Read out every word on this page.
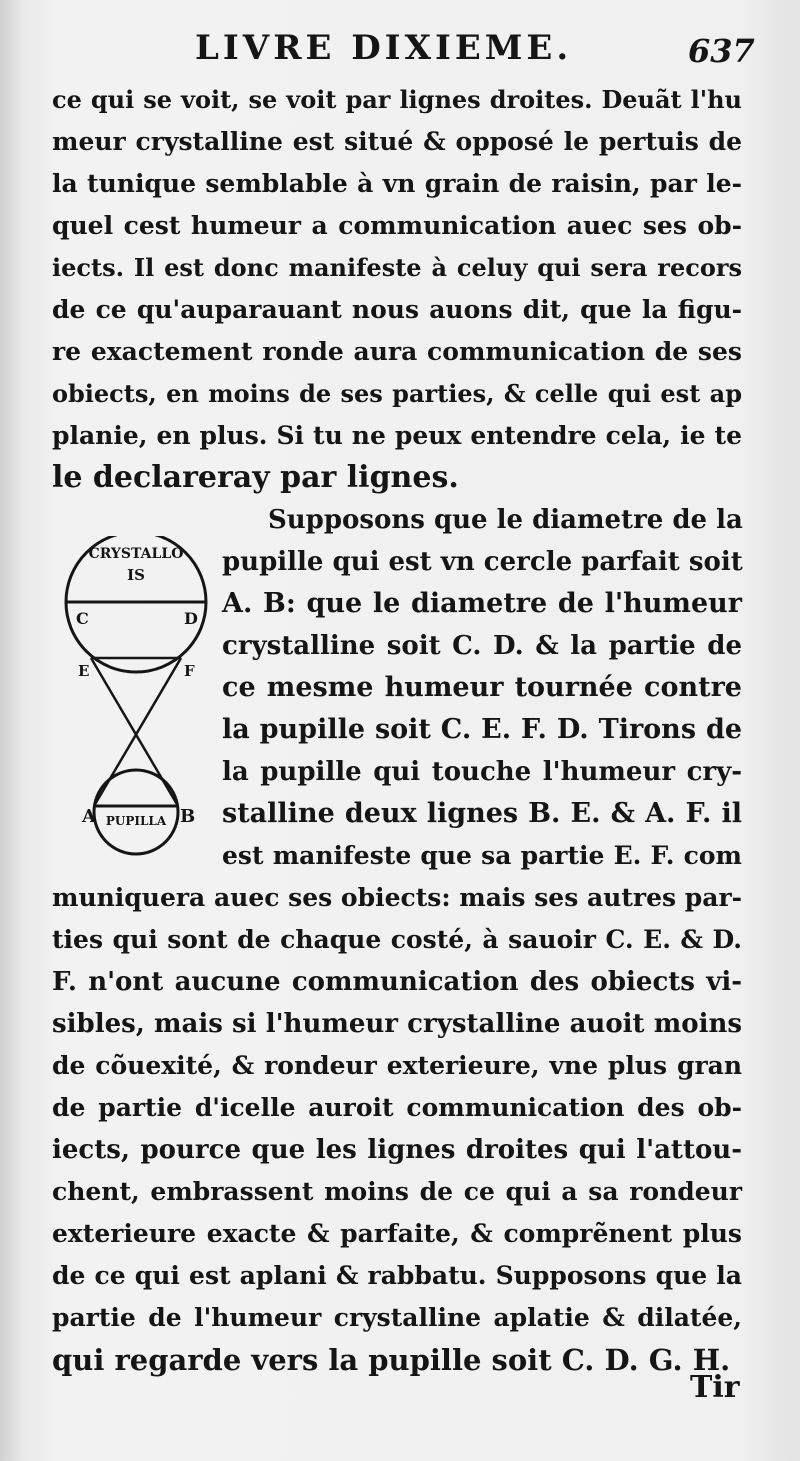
LIVRE DIXIEME.	637
ce qui se voit, se voit par lignes droites. Deuãt l'hu
meur crystalline est situé & opposé le pertuis de
la tunique semblable à vn grain de raisin, par le-
quel cest humeur a communication auec ses ob-
iects. Il est donc manifeste à celuy qui sera recors
de ce qu'auparauant nous auons dit, que la figu-
re exactement ronde aura communication de ses
obiects, en moins de ses parties, & celle qui est ap
planie, en plus. Si tu ne peux entendre cela, ie te
le declareray par lignes.
CRYSTALLO
IS
C	D
E	F
A	B
PUPILLA
Supposons que le diametre de la
pupille qui est vn cercle parfait soit
A. B: que le diametre de l'humeur
crystalline soit C. D. & la partie de
ce mesme humeur tournée contre
la pupille soit C. E. F. D. Tirons de
la pupille qui touche l'humeur cry-
stalline deux lignes B. E. & A. F. il
est manifeste que sa partie E. F. com
muniquera auec ses obiects: mais ses autres par-
ties qui sont de chaque costé, à sauoir C. E. & D.
F. n'ont aucune communication des obiects vi-
sibles, mais si l'humeur crystalline auoit moins
de cõuexité, & rondeur exterieure, vne plus gran
de partie d'icelle auroit communication des ob-
iects, pource que les lignes droites qui l'attou-
chent, embrassent moins de ce qui a sa rondeur
exterieure exacte & parfaite, & comprẽnent plus
de ce qui est aplani & rabbatu. Supposons que la
partie de l'humeur crystalline aplatie & dilatée,
qui regarde vers la pupille soit C. D. G. H.
Tir
